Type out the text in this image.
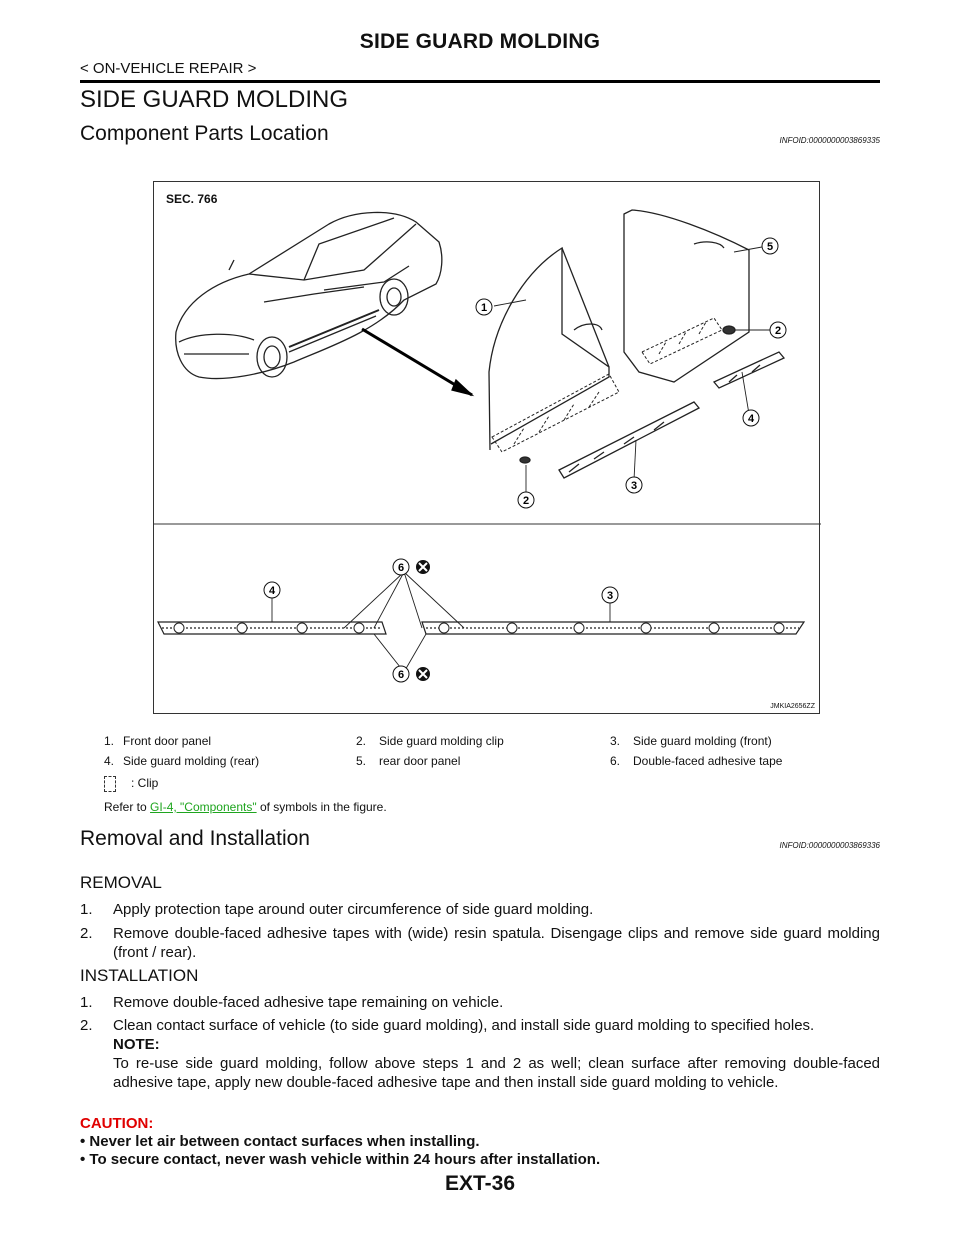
SIDE GUARD MOLDING
< ON-VEHICLE REPAIR >
SIDE GUARD MOLDING
Component Parts Location	INFOID:0000000003869335
1
5
2
4
3
2
6
4	3
6
SEC. 766
JMKIA2656ZZ
1. Front door panel	2. Side guard molding clip	3. Side guard molding (front)
4. Side guard molding (rear)	5. rear door panel	6. Double-faced adhesive tape
: Clip
Refer to GI-4, "Components" of symbols in the figure.
Removal and Installation	INFOID:0000000003869336
REMOVAL
1. Apply protection tape around outer circumference of side guard molding.
2. Remove double-faced adhesive tapes with (wide) resin spatula. Disengage clips and remove side guard molding (front / rear).
INSTALLATION
1. Remove double-faced adhesive tape remaining on vehicle.
2. Clean contact surface of vehicle (to side guard molding), and install side guard molding to specified holes.
NOTE:
To re-use side guard molding, follow above steps 1 and 2 as well; clean surface after removing double-faced adhesive tape, apply new double-faced adhesive tape and then install side guard molding to vehicle.
CAUTION:
• Never let air between contact surfaces when installing.
• To secure contact, never wash vehicle within 24 hours after installation.
EXT-36
